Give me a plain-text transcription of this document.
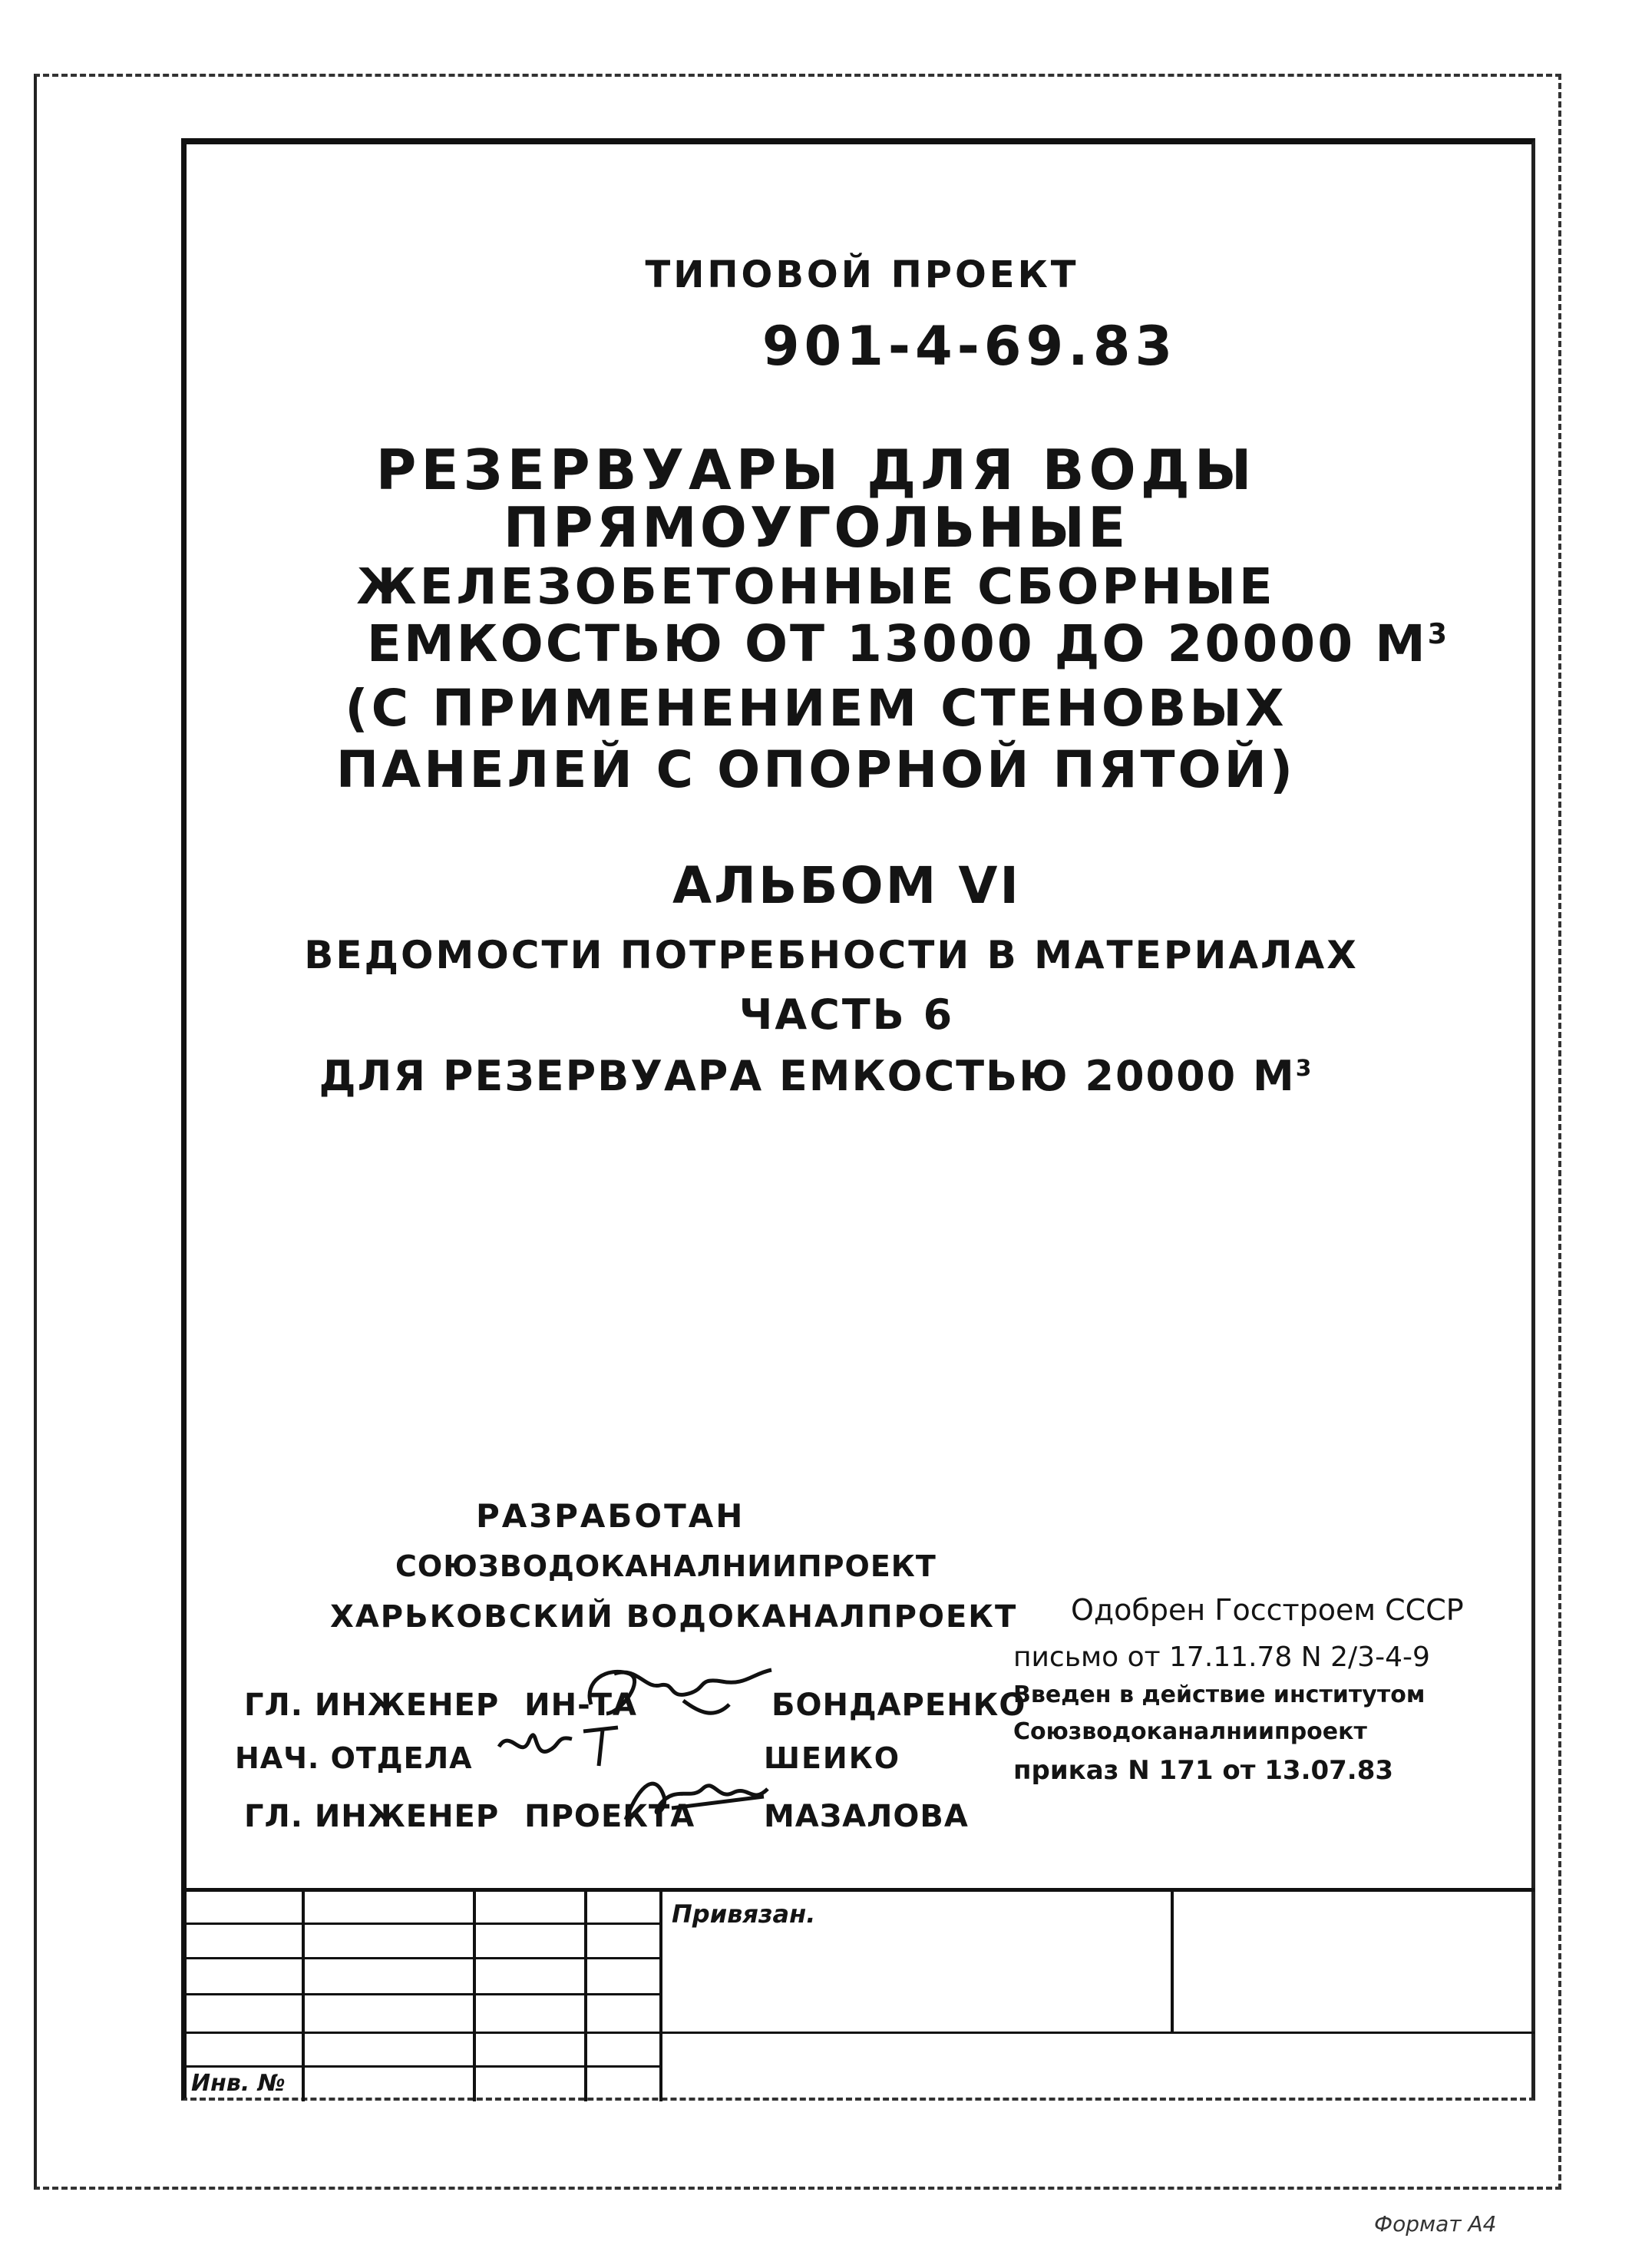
ТИПОВОЙ ПРОЕКТ
901-4-69.83
РЕЗЕРВУАРЫ ДЛЯ ВОДЫ
ПРЯМОУГОЛЬНЫЕ
ЖЕЛЕЗОБЕТОННЫЕ СБОРНЫЕ
ЕМКОСТЬЮ ОТ 13000 ДО 20000 $М^3$
(С ПРИМЕНЕНИЕМ СТЕНОВЫХ
ПАНЕЛЕЙ С ОПОРНОЙ ПЯТОЙ)
АЛЬБОМ VI
ВЕДОМОСТИ ПОТРЕБНОСТИ В МАТЕРИАЛАХ
ЧАСТЬ 6
ДЛЯ РЕЗЕРВУАРА ЕМКОСТЬЮ 20000 $М^3$
РАЗРАБОТАН
СОЮЗВОДОКАНАЛНИИПРОЕКТ
ХАРЬКОВСКИЙ ВОДОКАНАЛПРОЕКТ Одобрен Госстроем СССР
письмо от 17.11.78 N 2/3-4-9
Введен в действие институтом
Союзводоканалниипроект
приказ N 171 от 13.07.83
ГЛ. ИНЖЕНЕР ИН-ТА	БОНДАРЕНКО
НАЧ. ОТДЕЛА	ШЕИКО
ГЛ. ИНЖЕНЕР ПРОЕКТА МАЗАЛОВА
Привязан.
Инв. №
Формат А4
